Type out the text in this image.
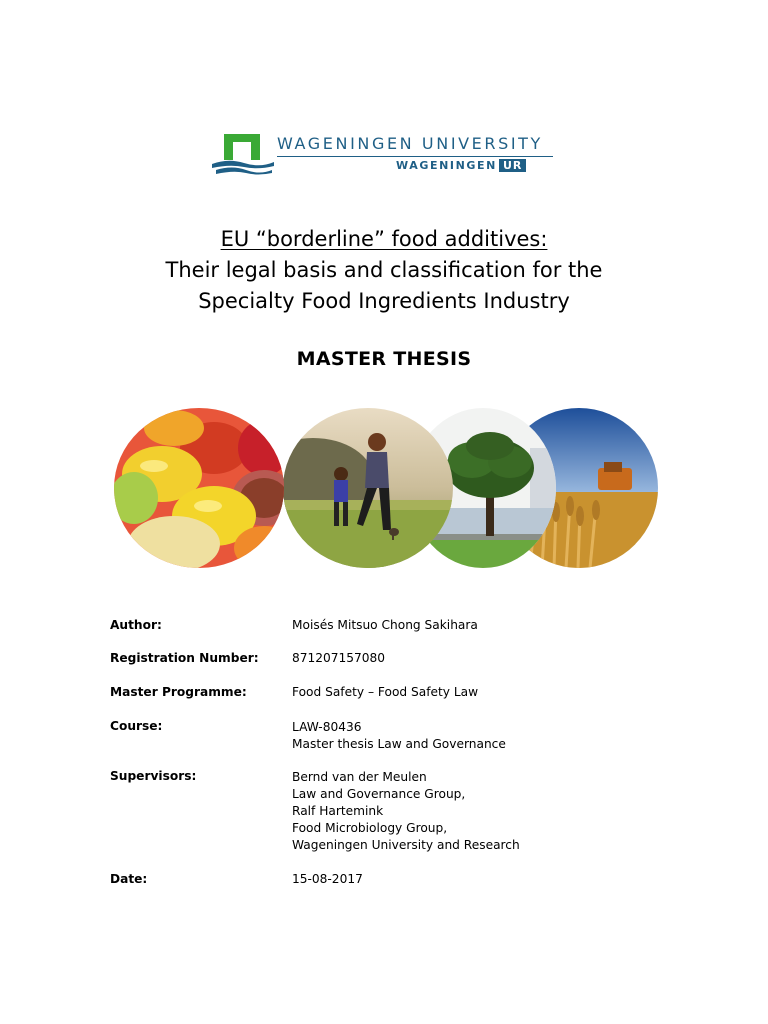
WAGENINGEN UNIVERSITY
WAGENINGEN UR
EU “borderline” food additives:
Their legal basis and classification for the
Specialty Food Ingredients Industry
MASTER THESIS
Author:	Moisés Mitsuo Chong Sakihara
Registration Number:	871207157080
Master Programme:	Food Safety – Food Safety Law
Course:	LAW-80436
Master thesis Law and Governance
Supervisors:	Bernd van der Meulen
Law and Governance Group,
Ralf Hartemink
Food Microbiology Group,
Wageningen University and Research
Date:	15-08-2017
